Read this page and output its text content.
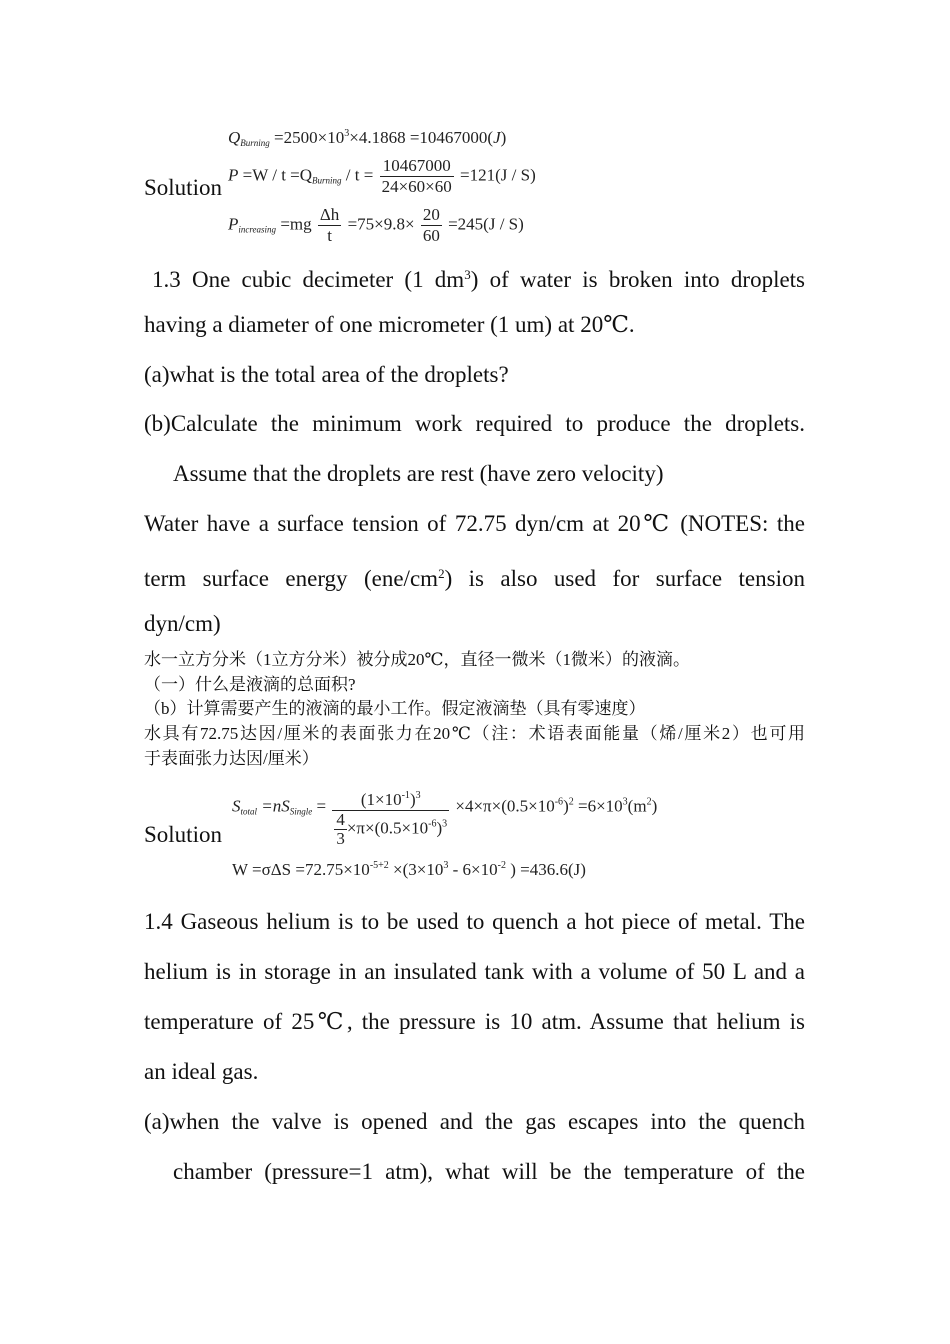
$Q_{Burning} =2500\times 10^3\times 4.1868 =10467000(J)$
Solution
$P =W / t =Q_{Burning} / t = \frac{10467000}{24\times 60\times 60} =121(J / S)$
$P_{increasing} =mg \frac{\Delta h}{t} =75\times 9.8\times \frac{20}{60} =245(J / S)$
1.3 One cubic decimeter (1 $dm^3$) of water is broken into droplets
having a diameter of one micrometer (1 um) at 20℃.
(a)what is the total area of the droplets?
(b)Calculate the minimum work required to produce the droplets.
Assume that the droplets are rest (have zero velocity)
Water have a surface tension of 72.75 dyn/cm at 20℃ (NOTES: the
term surface energy $(ene/cm^2)$ is also used for surface tension
dyn/cm)
水一立方分米（1立方分米）被分成20℃，直径一微米（1微米）的液滴。
（一）什么是液滴的总面积?
（b）计算需要产生的液滴的最小工作。假定液滴垫（具有零速度）
水具有72.75达因/厘米的表面张力在20℃（注：术语表面能量（烯/厘米2）也可用
于表面张力达因/厘米）
Solution
$S_{total} =nS_{Single} = \frac{(1\times 10^{-1})^3}{\frac{4}{3} \times\pi\times(0.5\times 10^{-6})^3} \times 4\times\pi\times(0.5\times 10^{-6})^2 =6\times 10^3(m^2)$
$W =\sigma\Delta S =72.75\times 10^{-5+2} \times(3\times 10^3 - 6\times 10^{-2}$ ) =436.6(J)
1.4 Gaseous helium is to be used to quench a hot piece of metal. The
helium is in storage in an insulated tank with a volume of 50 L and a
temperature of 25℃, the pressure is 10 atm. Assume that helium is
an ideal gas.
(a)when the valve is opened and the gas escapes into the quench
chamber (pressure=1 atm), what will be the temperature of the
